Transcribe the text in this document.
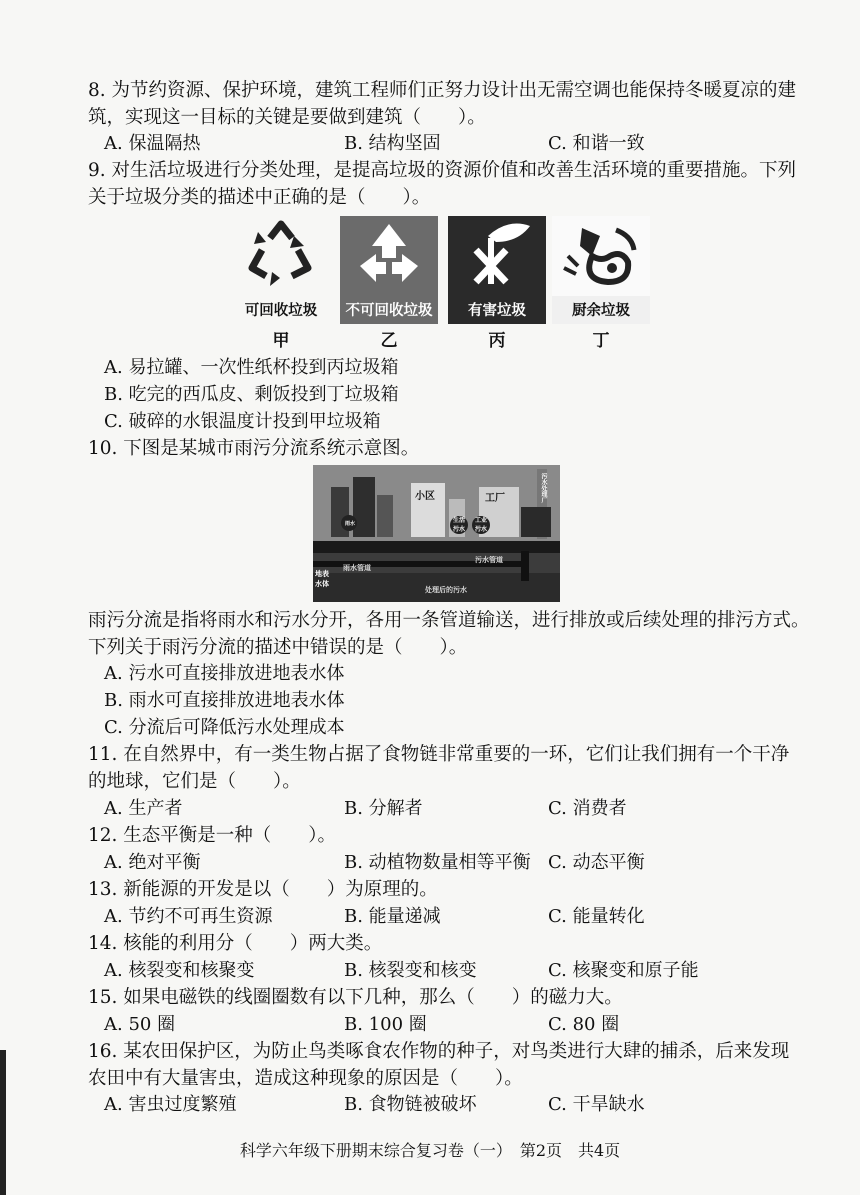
8. 为节约资源、保护环境，建筑工程师们正努力设计出无需空调也能保持冬暖夏凉的建
筑，实现这一目标的关键是要做到建筑（　　）。
A. 保温隔热	B. 结构坚固	C. 和谐一致
9. 对生活垃圾进行分类处理，是提高垃圾的资源价值和改善生活环境的重要措施。下列
关于垃圾分类的描述中正确的是（　　）。
可回收垃圾
甲
不可回收垃圾
乙
有害垃圾
丙
厨余垃圾
丁
A. 易拉罐、一次性纸杯投到丙垃圾箱
B. 吃完的西瓜皮、剩饭投到丁垃圾箱
C. 破碎的水银温度计投到甲垃圾箱
10. 下图是某城市雨污分流系统示意图。
小区	工厂	污水处理厂
生活污水
工业污水
雨水
雨水管道
污水管道
地表水体
处理后的污水
雨污分流是指将雨水和污水分开，各用一条管道输送，进行排放或后续处理的排污方式。
下列关于雨污分流的描述中错误的是（　　）。
A. 污水可直接排放进地表水体
B. 雨水可直接排放进地表水体
C. 分流后可降低污水处理成本
11. 在自然界中，有一类生物占据了食物链非常重要的一环，它们让我们拥有一个干净
的地球，它们是（　　）。
A. 生产者	B. 分解者	C. 消费者
12. 生态平衡是一种（　　）。
A. 绝对平衡	B. 动植物数量相等平衡 C. 动态平衡
13. 新能源的开发是以（　　）为原理的。
A. 节约不可再生资源	B. 能量递减	C. 能量转化
14. 核能的利用分（　　）两大类。
A. 核裂变和核聚变	B. 核裂变和核变	C. 核聚变和原子能
15. 如果电磁铁的线圈圈数有以下几种，那么（　　）的磁力大。
A. 50 圈	B. 100 圈	C. 80 圈
16. 某农田保护区，为防止鸟类啄食农作物的种子，对鸟类进行大肆的捕杀，后来发现
农田中有大量害虫，造成这种现象的原因是（　　）。
A. 害虫过度繁殖	B. 食物链被破坏	C. 干旱缺水
科学六年级下册期末综合复习卷（一）　第2页　共4页
